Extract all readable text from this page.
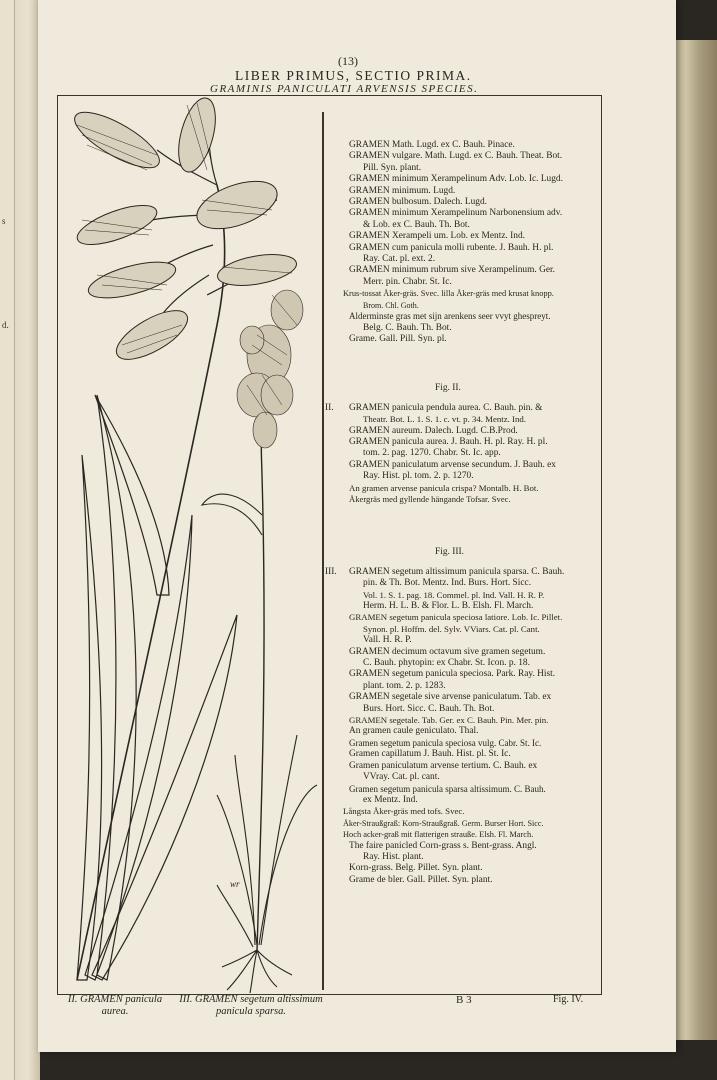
(13)
LIBER PRIMUS, SECTIO PRIMA.
GRAMINIS PANICULATI ARVENSIS SPECIES.
wr
GRAMEN Math. Lugd. ex C. Bauh. Pinace.
GRAMEN vulgare. Math. Lugd. ex C. Bauh. Theat. Bot.
Pill. Syn. plant.
GRAMEN minimum Xerampelinum Adv. Lob. Ic. Lugd.
GRAMEN minimum. Lugd.
GRAMEN bulbosum. Dalech. Lugd.
GRAMEN minimum Xerampelinum Narbonensium adv.
& Lob. ex C. Bauh. Th. Bot.
GRAMEN Xerampeli um. Lob. ex Mentz. Ind.
GRAMEN cum panicula molli rubente. J. Bauh. H. pl.
Ray. Cat. pl. ext. 2.
GRAMEN minimum rubrum sive Xerampelinum. Ger.
Merr. pin. Chabr. St. Ic.
Krus-tossat Åker-gräs. Svec. lilla Åker-gräs med krusat knopp.
Brom. Chl. Goth.
Alderminste gras met sijn arenkens seer vvyt ghespreyt.
Belg. C. Bauh. Th. Bot.
Grame. Gall. Pill. Syn. pl.
Fig. II.
II. GRAMEN panicula pendula aurea. C. Bauh. pin. &
Theatr. Bot. L. 1. S. 1. c. vt. p. 34. Mentz. Ind.
GRAMEN aureum. Dalech. Lugd. C.B.Prod.
GRAMEN panicula aurea. J. Bauh. H. pl. Ray. H. pl.
tom. 2. pag. 1270. Chabr. St. Ic. app.
GRAMEN paniculatum arvense secundum. J. Bauh. ex
Ray. Hist. pl. tom. 2. p. 1270.
An gramen arvense panicula crispa? Montalb. H. Bot.
Åkergräs med gyllende hängande Tofsar. Svec.
Fig. III.
III. GRAMEN segetum altissimum panicula sparsa. C. Bauh.
pin. & Th. Bot. Mentz. Ind. Burs. Hort. Sicc.
Vol. 1. S. 1. pag. 18. Commel. pl. Ind. Vall. H. R. P.
Herm. H. L. B. & Flor. L. B. Elsh. Fl. March.
GRAMEN segetum panicula speciosa latiore. Lob. Ic. Pillet.
Synon. pl. Hoffm. del. Sylv. VViars. Cat. pl. Cant.
Vall. H. R. P.
GRAMEN decimum octavum sive gramen segetum.
C. Bauh. phytopin: ex Chabr. St. Icon. p. 18.
GRAMEN segetum panicula speciosa. Park. Ray. Hist.
plant. tom. 2. p. 1283.
GRAMEN segetale sive arvense paniculatum. Tab. ex
Burs. Hort. Sicc. C. Bauh. Th. Bot.
GRAMEN segetale. Tab. Ger. ex C. Bauh. Pin. Mer. pin.
An gramen caule geniculato. Thal.
Gramen segetum panicula speciosa vulg. Cabr. St. Ic.
Gramen capillatum J. Bauh. Hist. pl. St. Ic.
Gramen paniculatum arvense tertium. C. Bauh. ex
VVray. Cat. pl. cant.
Gramen segetum panicula sparsa altissimum. C. Bauh.
ex Mentz. Ind.
Långsta Åker-gräs med tofs. Svec.
Åker-Straußgraß: Korn-Straußgraß. Germ. Burser Hort. Sicc.
Hoch acker-graß mit flatterigen strauße. Elsh. Fl. March.
The faire panicled Corn-grass s. Bent-grass. Angl.
Ray. Hist. plant.
Korn-grass. Belg. Pillet. Syn. plant.
Grame de bler. Gall. Pillet. Syn. plant.
II. GRAMEN panicula
aurea.
III. GRAMEN segetum altissimum
panicula sparsa.
B 3	Fig. IV.
s

d.
